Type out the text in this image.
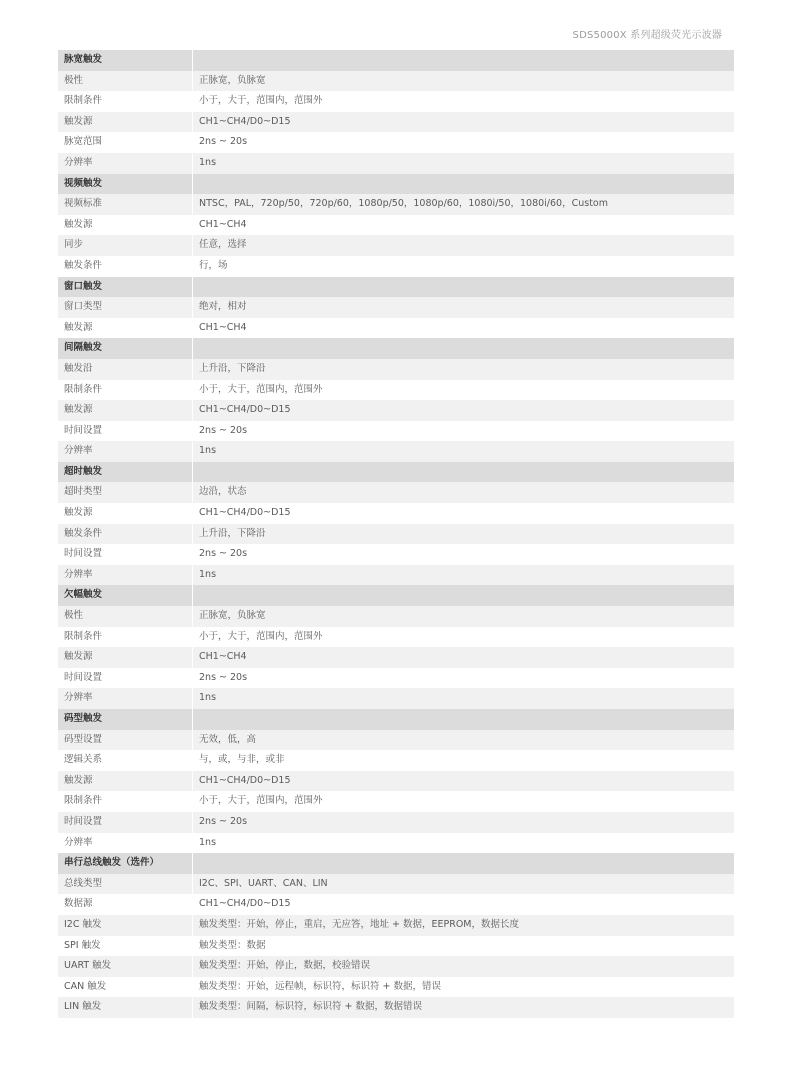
SDS5000X 系列超级荧光示波器
脉宽触发	
极性	正脉宽，负脉宽
限制条件	小于，大于，范围内，范围外
触发源	CH1~CH4/D0~D15
脉宽范围	2ns ~ 20s
分辨率	1ns
视频触发	
视频标准	NTSC，PAL，720p/50，720p/60，1080p/50，1080p/60，1080i/50，1080i/60，Custom
触发源	CH1~CH4
同步	任意，选择
触发条件	行，场
窗口触发	
窗口类型	绝对，相对
触发源	CH1~CH4
间隔触发	
触发沿	上升沿，下降沿
限制条件	小于，大于，范围内，范围外
触发源	CH1~CH4/D0~D15
时间设置	2ns ~ 20s
分辨率	1ns
超时触发	
超时类型	边沿，状态
触发源	CH1~CH4/D0~D15
触发条件	上升沿，下降沿
时间设置	2ns ~ 20s
分辨率	1ns
欠幅触发	
极性	正脉宽，负脉宽
限制条件	小于，大于，范围内，范围外
触发源	CH1~CH4
时间设置	2ns ~ 20s
分辨率	1ns
码型触发	
码型设置	无效，低，高
逻辑关系	与，或，与非，或非
触发源	CH1~CH4/D0~D15
限制条件	小于，大于，范围内，范围外
时间设置	2ns ~ 20s
分辨率	1ns
串行总线触发（选件）	
总线类型	I2C、SPI、UART、CAN、LIN
数据源	CH1~CH4/D0~D15
I2C 触发	触发类型：开始，停止，重启，无应答，地址 + 数据，EEPROM，数据长度
SPI 触发	触发类型：数据
UART 触发	触发类型：开始，停止，数据，校验错误
CAN 触发	触发类型：开始，远程帧，标识符，标识符 + 数据，错误
LIN 触发	触发类型：间隔，标识符，标识符 + 数据，数据错误
